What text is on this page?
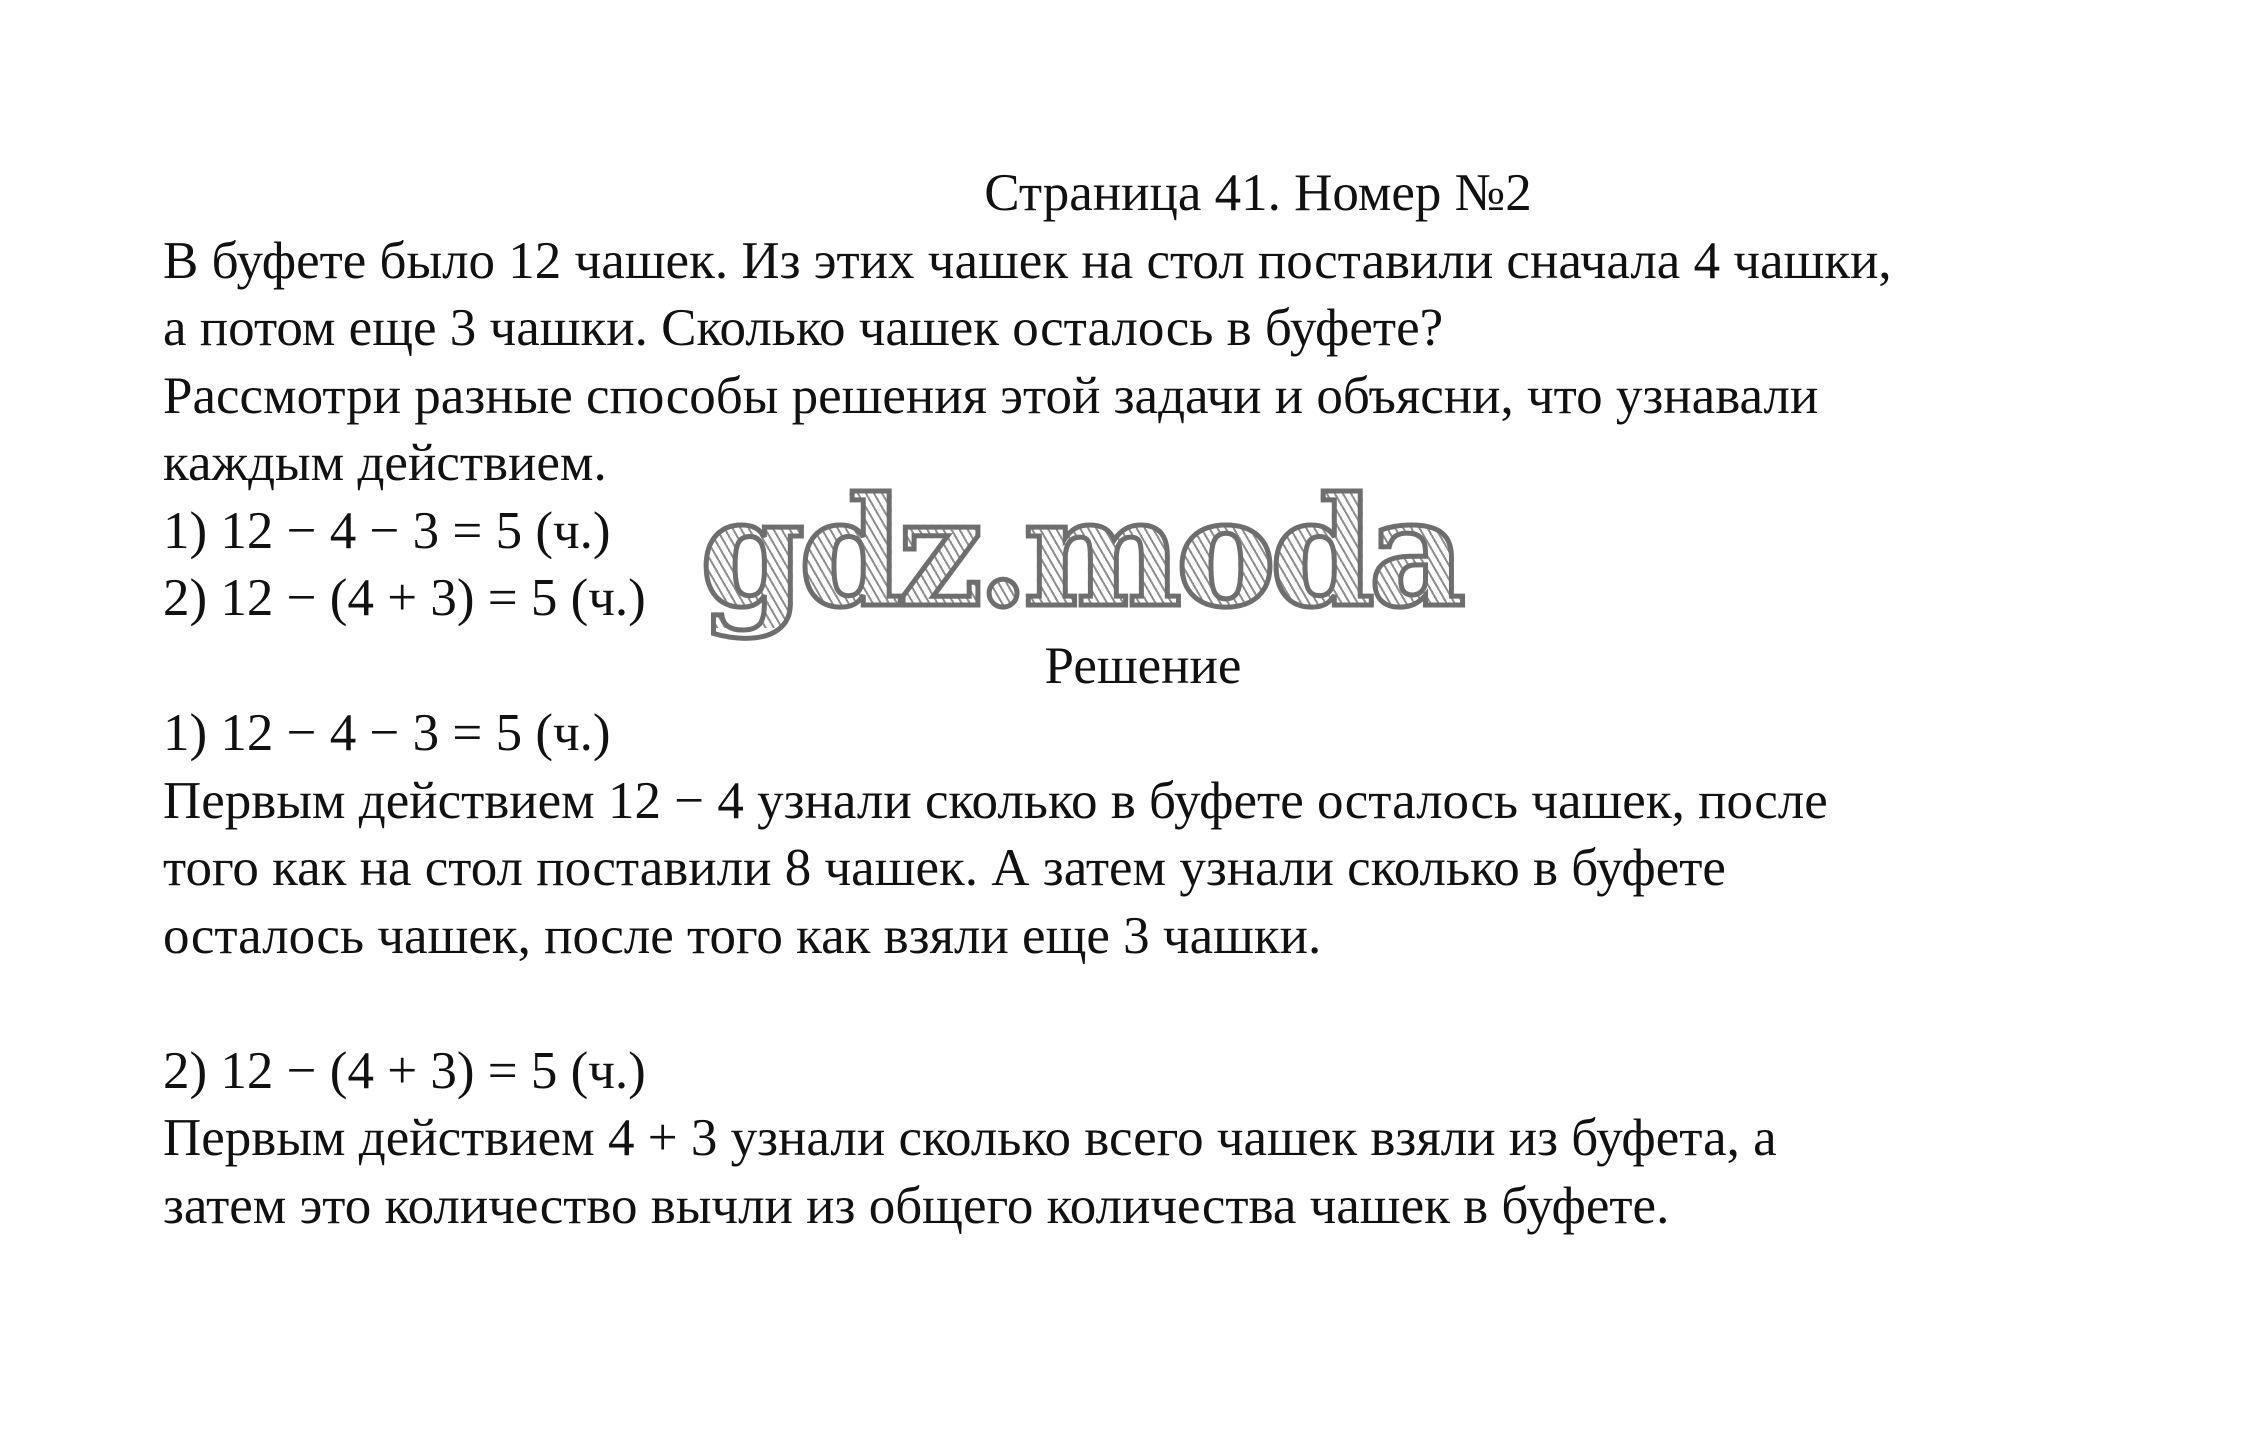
Страница 41. Номер №2

В буфете было 12 чашек. Из этих чашек на стол поставили сначала 4 чашки,

а потом еще 3 чашки. Сколько чашек осталось в буфете?

Рассмотри разные способы решения этой задачи и объясни, что узнавали

каждым действием.

1) 12 − 4 − 3 = 5 (ч.)

2) 12 − (4 + 3) = 5 (ч.)

Решение

1) 12 − 4 − 3 = 5 (ч.)

Первым действием 12 − 4 узнали сколько в буфете осталось чашек, после

того как на стол поставили 8 чашек. А затем узнали сколько в буфете

осталось чашек, после того как взяли еще 3 чашки.

2) 12 − (4 + 3) = 5 (ч.)

Первым действием 4 + 3 узнали сколько всего чашек взяли из буфета, а

затем это количество вычли из общего количества чашек в буфете.

gdz.moda
